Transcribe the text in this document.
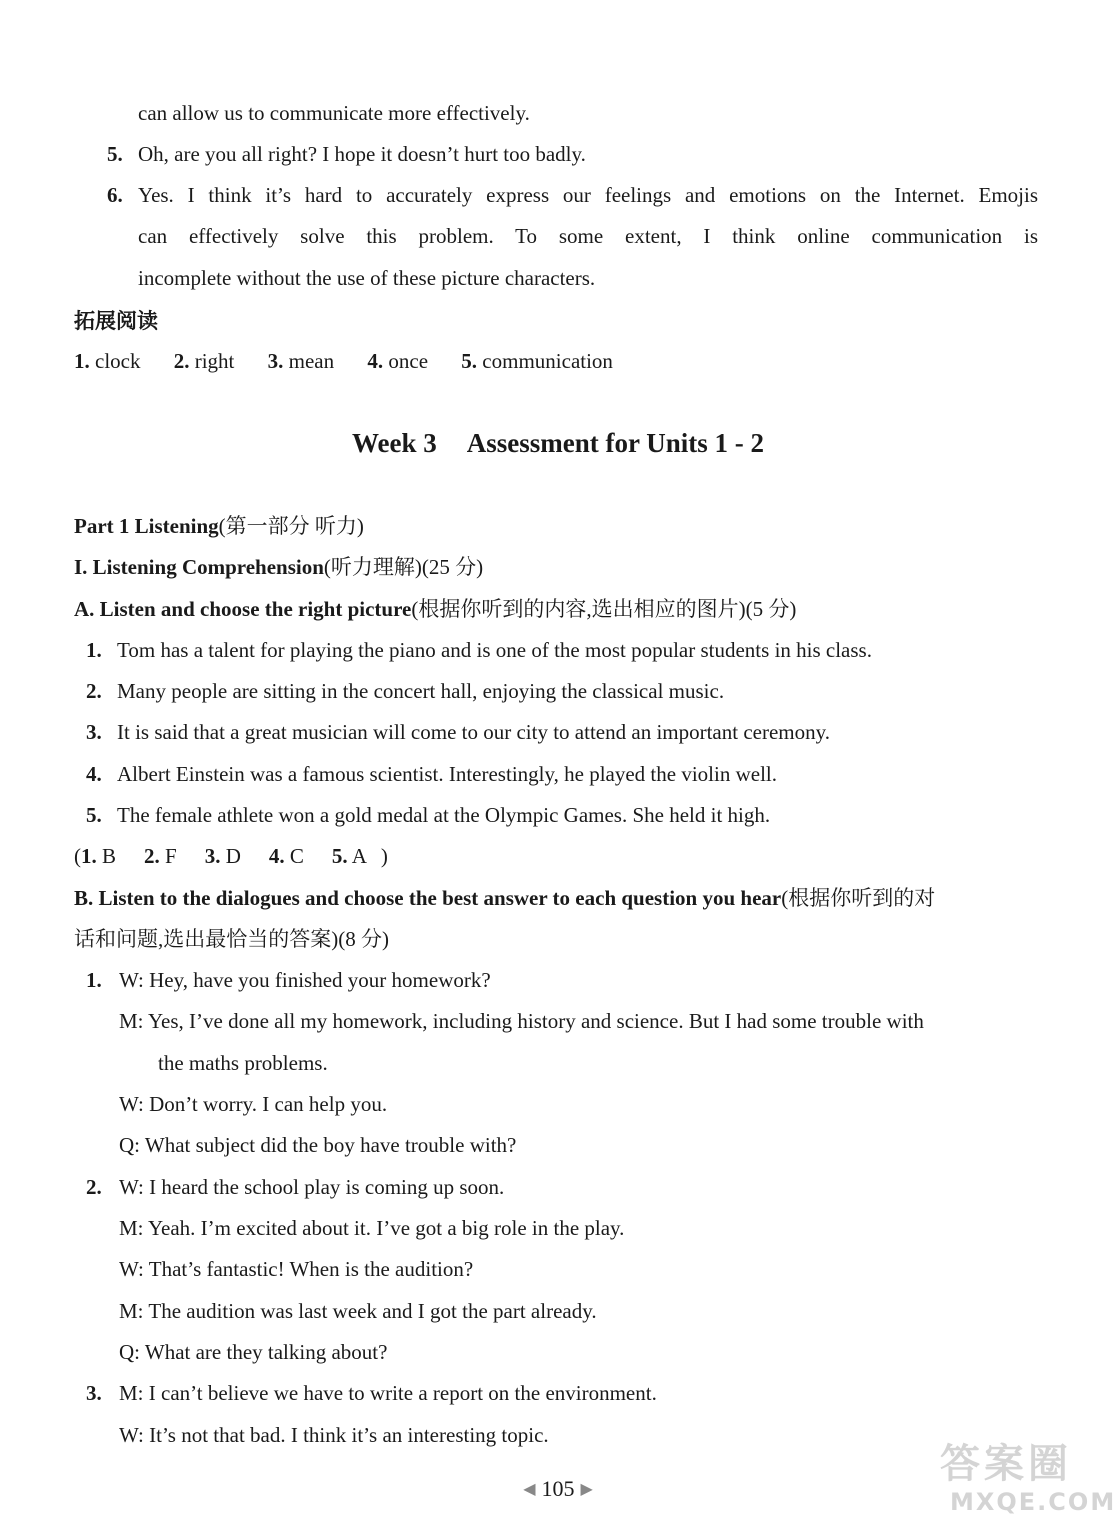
can allow us to communicate more effectively.
5. Oh, are you all right? I hope it doesn’t hurt too badly.
6. Yes. I think it’s hard to accurately express our feelings and emotions on the Internet. Emojis
can effectively solve this problem. To some extent, I think online communication is
incomplete without the use of these picture characters.
拓展阅读
1. clock 2. right 3. mean 4. once 5. communication
Week 3 Assessment for Units 1 - 2
Part 1 Listening(第一部分 听力)
I. Listening Comprehension(听力理解)(25 分)
A. Listen and choose the right picture(根据你听到的内容,选出相应的图片)(5 分)
1. Tom has a talent for playing the piano and is one of the most popular students in his class.
2. Many people are sitting in the concert hall, enjoying the classical music.
3. It is said that a great musician will come to our city to attend an important ceremony.
4. Albert Einstein was a famous scientist. Interestingly, he played the violin well.
5. The female athlete won a gold medal at the Olympic Games. She held it high.
(1. B 2. F 3. D 4. C 5. A )
B. Listen to the dialogues and choose the best answer to each question you hear(根据你听到的对
话和问题,选出最恰当的答案)(8 分)
1. W: Hey, have you finished your homework?
M: Yes, I’ve done all my homework, including history and science. But I had some trouble with
the maths problems.
W: Don’t worry. I can help you.
Q: What subject did the boy have trouble with?
2. W: I heard the school play is coming up soon.
M: Yeah. I’m excited about it. I’ve got a big role in the play.
W: That’s fantastic! When is the audition?
M: The audition was last week and I got the part already.
Q: What are they talking about?
3. M: I can’t believe we have to write a report on the environment.
W: It’s not that bad. I think it’s an interesting topic.
◀ 105 ▶
答案圈
MXQE.COM
